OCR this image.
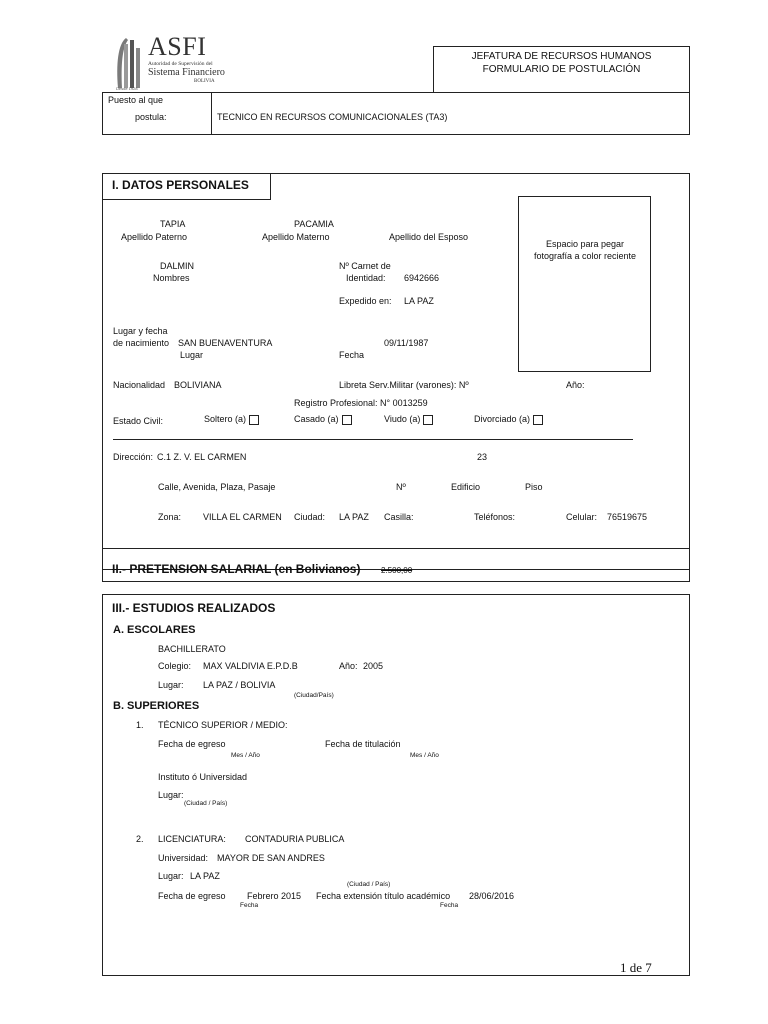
ASFI
Autoridad de Supervisión del
Sistema Financiero
BOLIVIA
Desde 1928
JEFATURA DE RECURSOS HUMANOS
FORMULARIO DE POSTULACIÓN
Puesto al que
postula:	TECNICO EN RECURSOS COMUNICACIONALES (TA3)
I. DATOS PERSONALES
Espacio para pegar fotografía a color reciente
TAPIA
Apellido Paterno
PACAMIA
Apellido Materno	Apellido del Esposo
DALMIN
Nombres
Nº Carnet de
Identidad: 6942666
Expedido en: LA PAZ
Lugar y fecha
de nacimiento SAN BUENAVENTURA	09/11/1987
Lugar	Fecha
Nacionalidad BOLIVIANA	Libreta Serv.Militar (varones): Nº	Año:
Registro Profesional: N° 0013259
Estado Civil:	Soltero (a)	Casado (a)	Viudo (a)	Divorciado (a)
Dirección: C.1 Z. V. EL CARMEN	23
Calle, Avenida, Plaza, Pasaje	Nº	Edificio	Piso
Zona: VILLA EL CARMEN Ciudad: LA PAZ Casilla:	Teléfonos:	Celular: 76519675
II.- PRETENSION SALARIAL (en Bolivianos)	2.500,00
III.- ESTUDIOS REALIZADOS
A. ESCOLARES
BACHILLERATO
Colegio: MAX VALDIVIA E.P.D.B	Año: 2005
Lugar: LA PAZ / BOLIVIA
(Ciudad/País)
B. SUPERIORES
1. TÉCNICO SUPERIOR / MEDIO:
Fecha de egreso	Fecha de titulación
Mes / Año	Mes / Año
Instituto ó Universidad
Lugar:
(Ciudad / País)
2. LICENCIATURA: CONTADURIA PUBLICA
Universidad: MAYOR DE SAN ANDRES
Lugar: LA PAZ
(Ciudad / País)
Fecha de egreso Febrero 2015 Fecha extensión título académico 28/06/2016
Fecha	Fecha
1 de 7
